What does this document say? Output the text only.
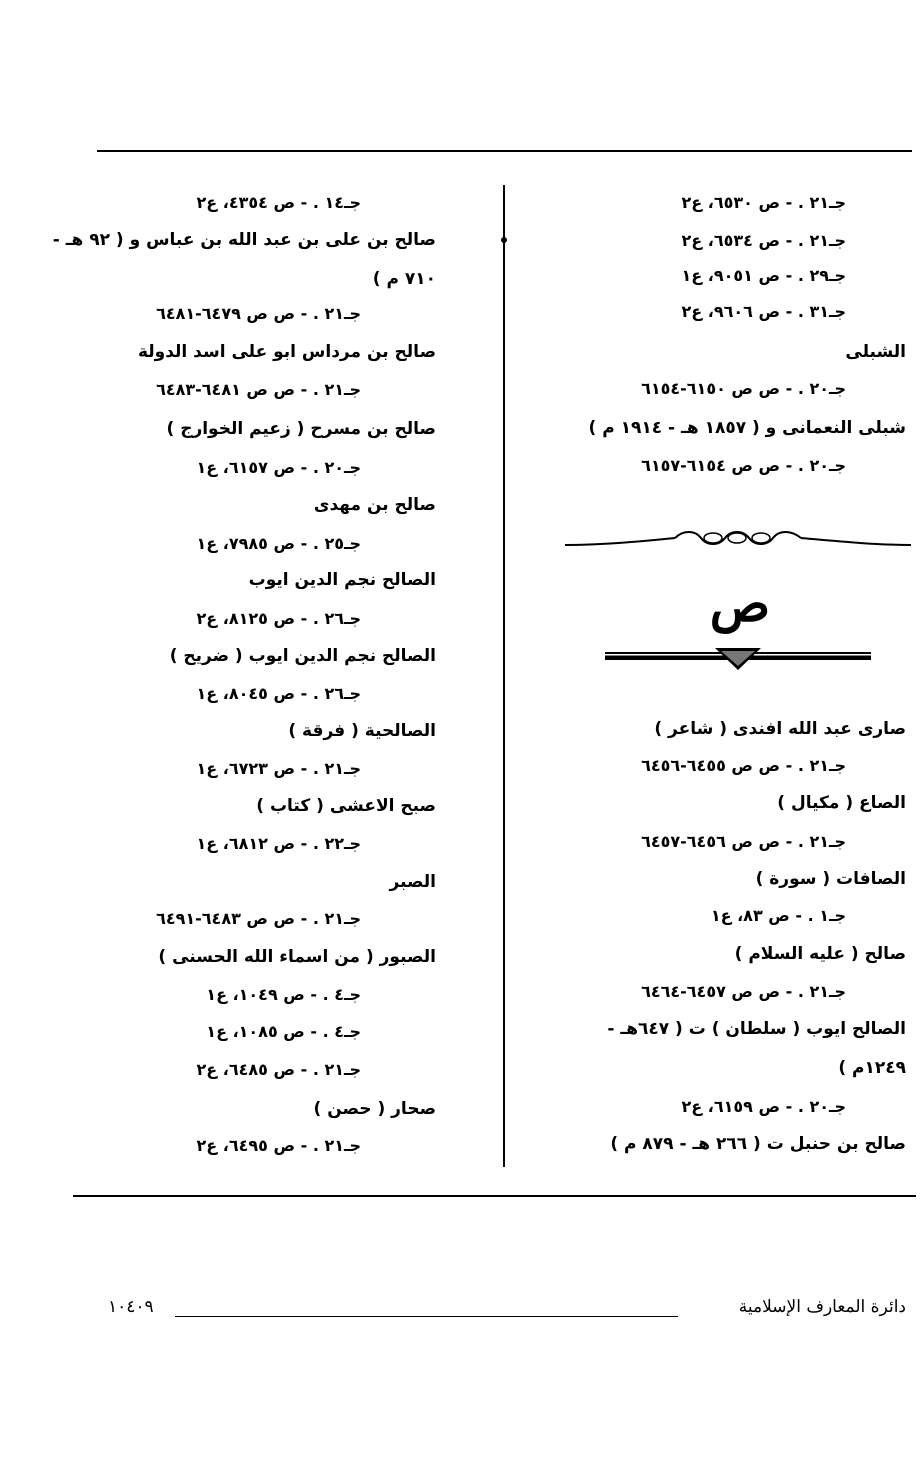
جـ٢١ . - ص ٦٥٣٠، ع٢
جـ٢١ . - ص ٦٥٣٤، ع٢
جـ٢٩ . - ص ٩٠٥١، ع١
جـ٣١ . - ص ٩٦٠٦، ع٢
الشبلى
جـ٢٠ . - ص ص ٦١٥٠-٦١٥٤
شبلى النعمانى و ( ١٨٥٧ هـ - ١٩١٤ م )
جـ٢٠ . - ص ص ٦١٥٤-٦١٥٧
ص
صارى عبد الله افندى ( شاعر )
جـ٢١ . - ص ص ٦٤٥٥-٦٤٥٦
الصاع ( مكيال )
جـ٢١ . - ص ص ٦٤٥٦-٦٤٥٧
الصافات ( سورة )
جـ١ . - ص ٨٣، ع١
صالح ( عليه السلام )
جـ٢١ . - ص ص ٦٤٥٧-٦٤٦٤
الصالح ايوب ( سلطان ) ت ( ٦٤٧هـ -
١٢٤٩م )
جـ٢٠ . - ص ٦١٥٩، ع٢
صالح بن حنبل ت ( ٢٦٦ هـ - ٨٧٩ م )
جـ١٤ . - ص ٤٣٥٤، ع٢
صالح بن على بن عبد الله بن عباس و ( ٩٢ هـ -
٧١٠ م )
جـ٢١ . - ص ص ٦٤٧٩-٦٤٨١
صالح بن مرداس ابو على اسد الدولة
جـ٢١ . - ص ص ٦٤٨١-٦٤٨٣
صالح بن مسرح ( زعيم الخوارج )
جـ٢٠ . - ص ٦١٥٧، ع١
صالح بن مهدى
جـ٢٥ . - ص ٧٩٨٥، ع١
الصالح نجم الدين ايوب
جـ٢٦ . - ص ٨١٢٥، ع٢
الصالح نجم الدين ايوب ( ضريح )
جـ٢٦ . - ص ٨٠٤٥، ع١
الصالحية ( فرقة )
جـ٢١ . - ص ٦٧٢٣، ع١
صبح الاعشى ( كتاب )
جـ٢٢ . - ص ٦٨١٢، ع١
الصبر
جـ٢١ . - ص ص ٦٤٨٣-٦٤٩١
الصبور ( من اسماء الله الحسنى )
جـ٤ . - ص ١٠٤٩، ع١
جـ٤ . - ص ١٠٨٥، ع١
جـ٢١ . - ص ٦٤٨٥، ع٢
صحار ( حصن )
جـ٢١ . - ص ٦٤٩٥، ع٢
دائرة المعارف الإسلامية
١٠٤٠٩
